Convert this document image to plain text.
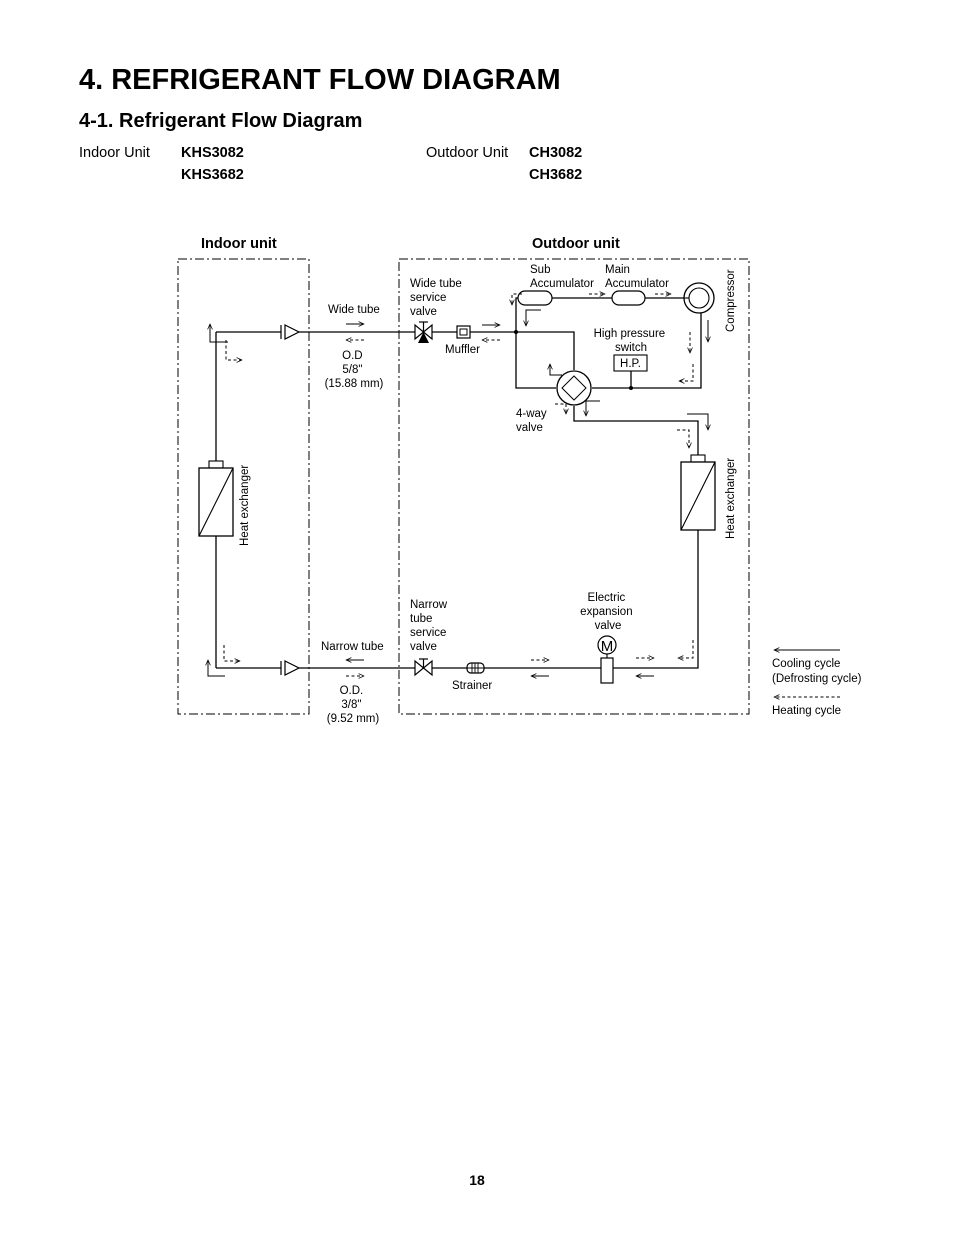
4. REFRIGERANT FLOW DIAGRAM
4-1. Refrigerant Flow Diagram
Indoor Unit KHS3082
KHS3682
Outdoor Unit CH3082
CH3682
Indoor unit	Outdoor unit
Heat exchanger
Wide tube
O.D 5/8" (15.88 mm)
Narrow tube
O.D. 3/8" (9.52 mm)
Wide tube service valve
Muffler
Narrow tube service valve
Strainer
Sub Accumulator
Main Accumulator	Compressor
H.P.
High pressure switch
4-way valve
Heat exchanger
M
Electric expansion valve
Cooling cycle (Defrosting cycle)
Heating cycle
18
